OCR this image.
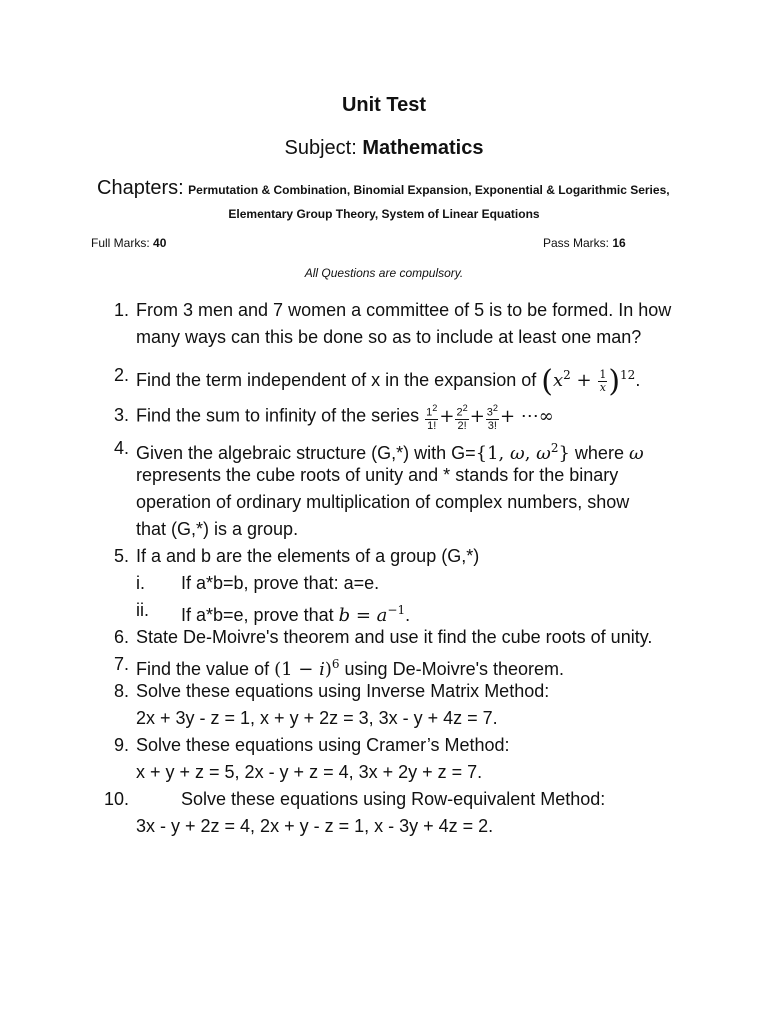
Unit Test
Subject: Mathematics
Chapters: Permutation & Combination, Binomial Expansion, Exponential & Logarithmic Series,
Elementary Group Theory, System of Linear Equations
Full Marks: 40	Pass Marks: 16
All Questions are compulsory.
1. From 3 men and 7 women a committee of 5 is to be formed. In how
many ways can this be done so as to include at least one man?
2. Find the term independent of x in the expansion of $(x^2 + \frac{1}{x} )^{12}$.
3. Find the sum to infinity of the series $\frac{1^2}{1!} + \frac{2^2}{2!} + \frac{3^2}{3!}$ + ⋯∞
4. Given the algebraic structure (G,*) with G={1, ω, $\omega^2$} where ω
represents the cube roots of unity and * stands for the binary
operation of ordinary multiplication of complex numbers, show
that (G,*) is a group.
5. If a and b are the elements of a group (G,*)
i. If a*b=b, prove that: a=e.
ii. If a*b=e, prove that $b = a^{-1}$.
6. State De-Moivre's theorem and use it find the cube roots of unity.
7. Find the value of $(1 - i)^6$ using De-Moivre's theorem.
8. Solve these equations using Inverse Matrix Method:
2x + 3y - z = 1, x + y + 2z = 3, 3x - y + 4z = 7.
9. Solve these equations using Cramer’s Method:
x + y + z = 5, 2x - y + z = 4, 3x + 2y + z = 7.
10.	Solve these equations using Row-equivalent Method:
3x - y + 2z = 4, 2x + y - z = 1, x - 3y + 4z = 2.
